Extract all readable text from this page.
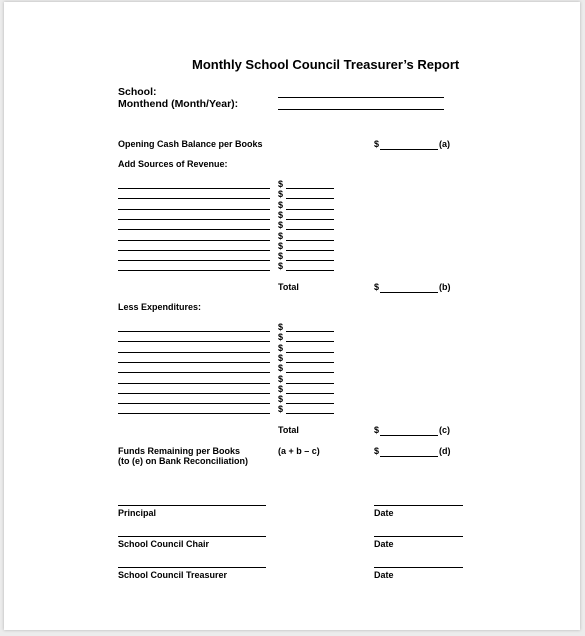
Monthly School Council Treasurer’s Report
School:
Monthend (Month/Year):
Opening Cash Balance per Books	$	(a)
Add Sources of Revenue:
$
$
$
$
$
$
$
$
$
Total	$	(b)
Less Expenditures:
$
$
$
$
$
$
$
$
$
Total	$	(c)
Funds Remaining per Books
(to (e) on Bank Reconciliation)
(a + b – c)	$	(d)
Principal	Date
School Council Chair	Date
School Council Treasurer	Date
